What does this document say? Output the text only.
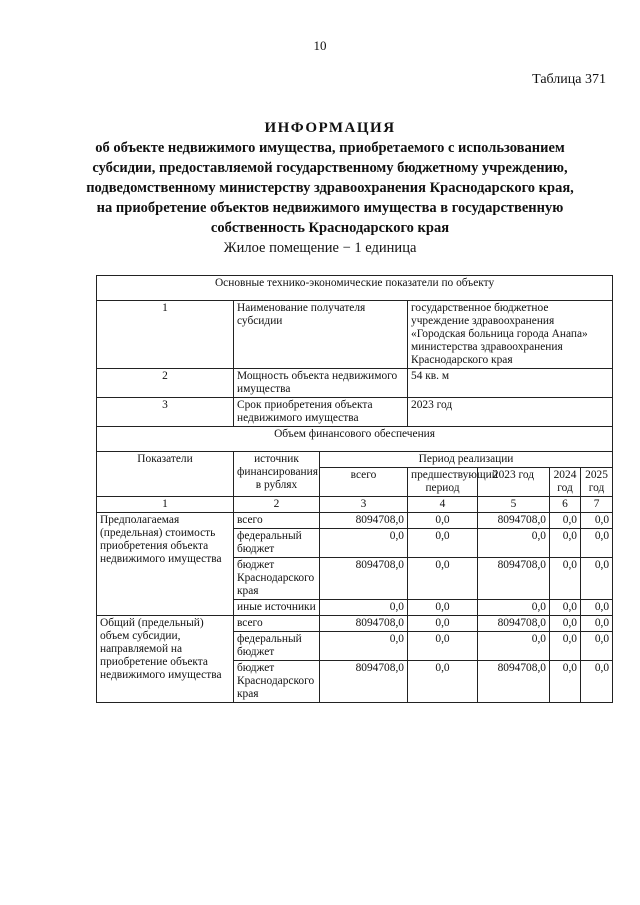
10
Таблица 371
ИНФОРМАЦИЯ
об объекте недвижимого имущества, приобретаемого с использованием
субсидии, предоставляемой государственному бюджетному учреждению,
подведомственному министерству здравоохранения Краснодарского края,
на приобретение объектов недвижимого имущества в государственную
собственность Краснодарского края
Жилое помещение − 1 единица
Основные технико-экономические показатели по объекту						
1	Наименование получателя субсидии		государственное бюджетное учреждение здравоохранения «Городская больница города Анапа» министерства здравоохранения Краснодарского края			
2	Мощность объекта недвижимого имущества		54 кв. м			
3	Срок приобретения объекта недвижимого имущества		2023 год			
Объем финансового обеспечения						
Показатели	источник финансирования в рублях	Период реализации				
		всего	предшествующий период	2023 год	2024 год	2025 год
1	2	3	4	5	6	7
Предполагаемая (предельная) стоимость приобретения объекта недвижимого имущества	всего	8094708,0	0,0	8094708,0	0,0	0,0
	федеральный бюджет	0,0	0,0	0,0	0,0	0,0
	бюджет Краснодарского края	8094708,0	0,0	8094708,0	0,0	0,0
	иные источники	0,0	0,0	0,0	0,0	0,0
Общий (предельный) объем субсидии, направляемой на приобретение объекта недвижимого имущества	всего	8094708,0	0,0	8094708,0	0,0	0,0
	федеральный бюджет	0,0	0,0	0,0	0,0	0,0
	бюджет Краснодарского края	8094708,0	0,0	8094708,0	0,0	0,0
